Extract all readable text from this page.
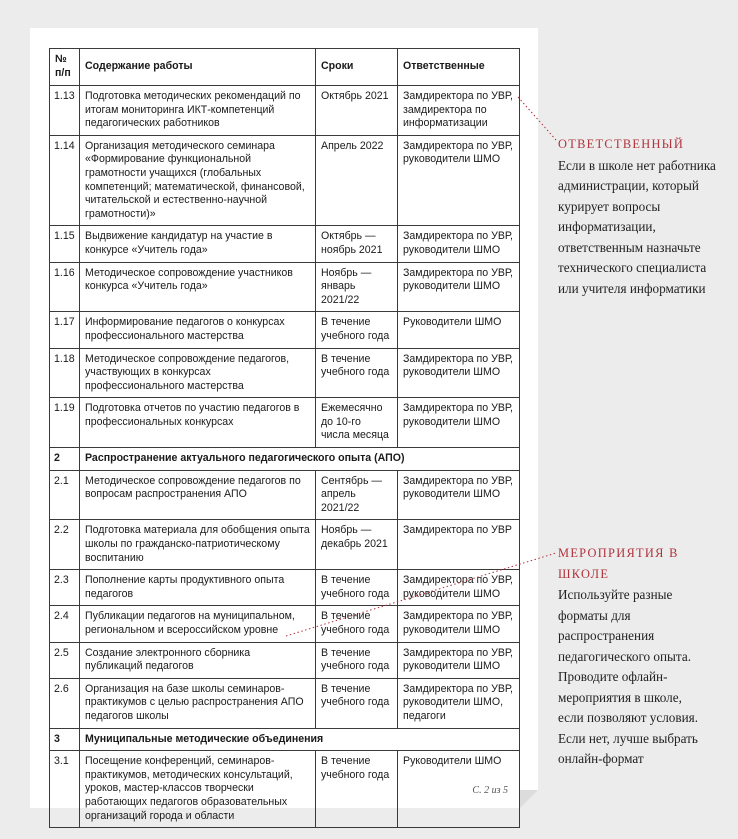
№ п/п	Содержание работы	Сроки	Ответственные
1.13	Подготовка методических рекомендаций по итогам мониторинга ИКТ-компетенций педагогических работников	Октябрь 2021	Замдиректора по УВР, замдиректора по информатизации
1.14	Организация методического семинара «Формирование функциональной грамотности учащихся (глобальных компетенций; математической, финансовой, читательской и естественно-научной грамотности)»	Апрель 2022	Замдиректора по УВР, руководители ШМО
1.15	Выдвижение кандидатур на участие в конкурсе «Учитель года»	Октябрь — ноябрь 2021	Замдиректора по УВР, руководители ШМО
1.16	Методическое сопровождение участников конкурса «Учитель года»	Ноябрь — январь 2021/22	Замдиректора по УВР, руководители ШМО
1.17	Информирование педагогов о конкурсах профессионального мастерства	В течение учебного года	Руководители ШМО
1.18	Методическое сопровождение педагогов, участвующих в конкурсах профессионального мастерства	В течение учебного года	Замдиректора по УВР, руководители ШМО
1.19	Подготовка отчетов по участию педагогов в профессиональных конкурсах	Ежемесячно до 10-го числа месяца	Замдиректора по УВР, руководители ШМО
2	Распространение актуального педагогического опыта (АПО)		
2.1	Методическое сопровождение педагогов по вопросам распространения АПО	Сентябрь — апрель 2021/22	Замдиректора по УВР, руководители ШМО
2.2	Подготовка материала для обобщения опыта школы по гражданско-патриотическому воспитанию	Ноябрь — декабрь 2021	Замдиректора по УВР
2.3	Пополнение карты продуктивного опыта педагогов	В течение учебного года	Замдиректора по УВР, руководители ШМО
2.4	Публикации педагогов на муниципальном, региональном и всероссийском уровне	В течение учебного года	Замдиректора по УВР, руководители ШМО
2.5	Создание электронного сборника публикаций педагогов	В течение учебного года	Замдиректора по УВР, руководители ШМО
2.6	Организация на базе школы семинаров-практикумов с целью распространения АПО педагогов школы	В течение учебного года	Замдиректора по УВР, руководители ШМО, педагоги
3	Муниципальные методические объединения		
3.1	Посещение конференций, семинаров-практикумов, методических консультаций, уроков, мастер-классов творчески работающих педагогов образовательных организаций города и области	В течение учебного года	Руководители ШМО
С. 2 из 5
ОТВЕТСТВЕННЫЙ
Если в школе нет работника администрации, который курирует вопросы информатизации, ответственным назначьте технического специалиста или учителя информатики
МЕРОПРИЯТИЯ В ШКОЛЕ
Используйте разные форматы для распространения педагогического опыта. Проводите офлайн-мероприятия в школе, если позволяют условия. Если нет, лучше выбрать онлайн-формат
